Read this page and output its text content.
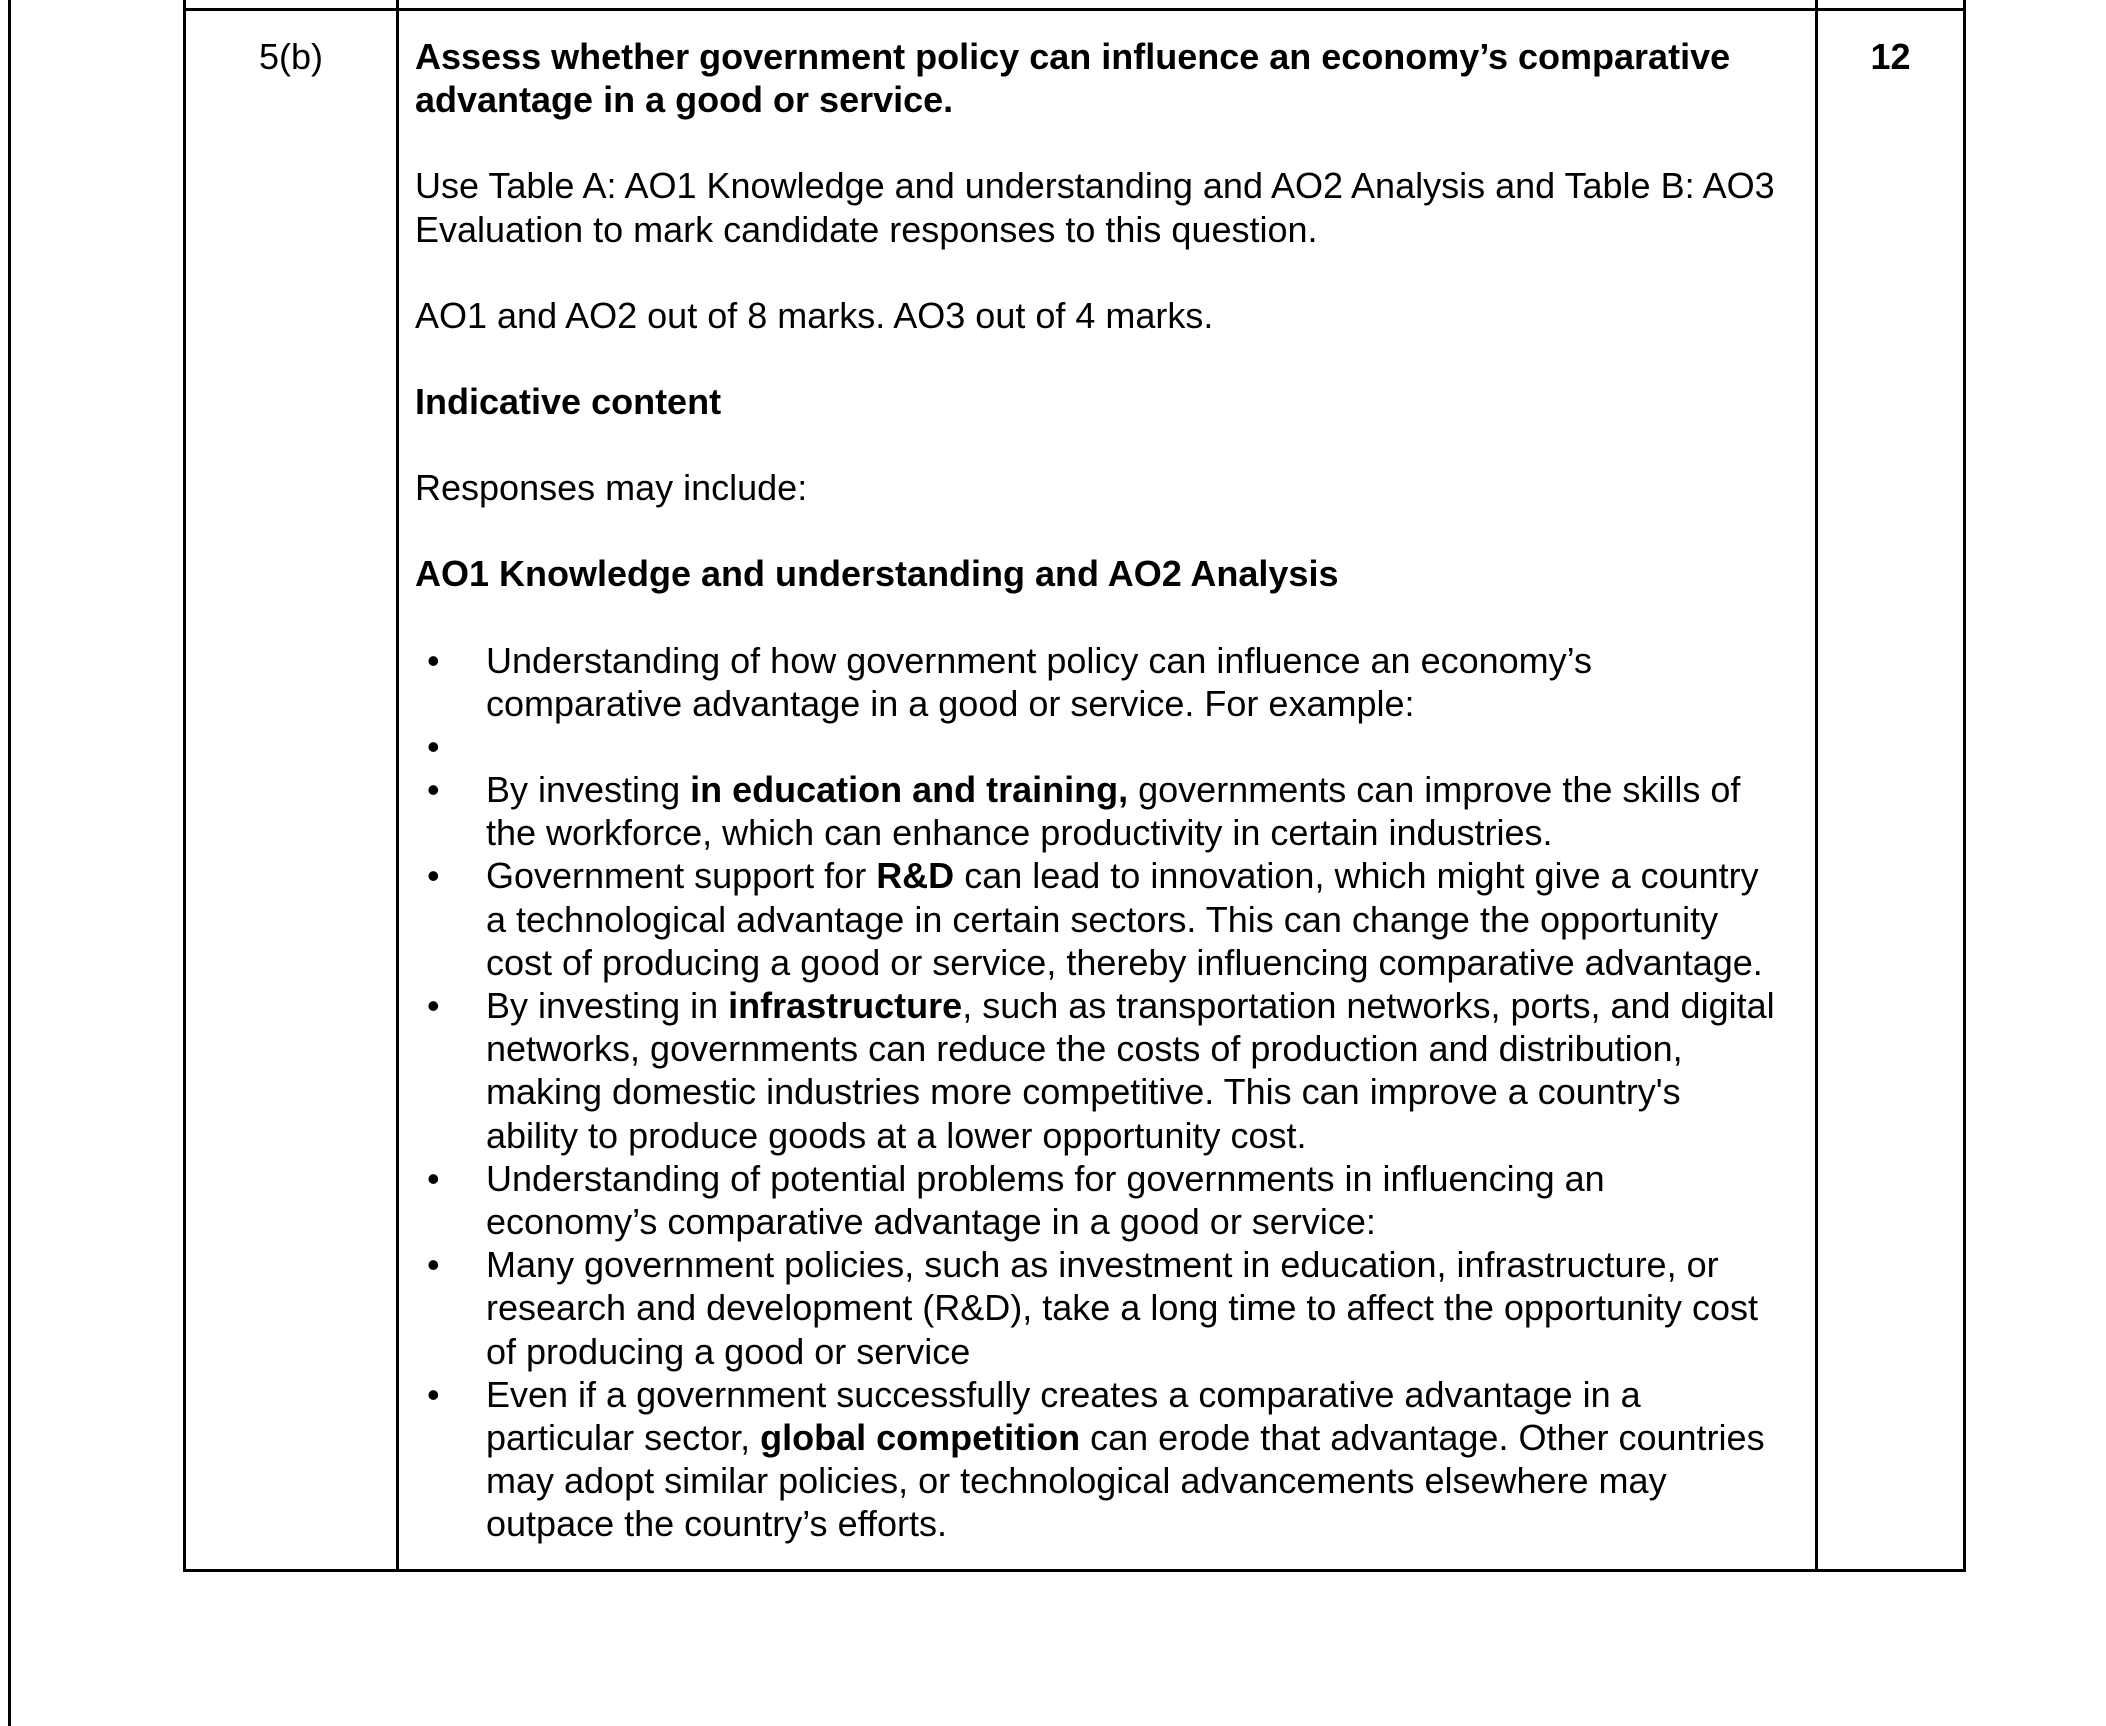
5(b)	Assess whether government policy can influence an economy’s comparative advantage in a good or service.

Use Table A: AO1 Knowledge and understanding and AO2 Analysis and Table B: AO3 Evaluation to mark candidate responses to this question.

AO1 and AO2 out of 8 marks. AO3 out of 4 marks.

Indicative content

Responses may include:

AO1 Knowledge and understanding and AO2 Analysis

•	Understanding of how government policy can influence an economy’s comparative advantage in a good or service. For example:
•
•	By investing in education and training, governments can improve the skills of the workforce, which can enhance productivity in certain industries.
•	Government support for R&D can lead to innovation, which might give a country a technological advantage in certain sectors. This can change the opportunity cost of producing a good or service, thereby influencing comparative advantage.
•	By investing in infrastructure, such as transportation networks, ports, and digital networks, governments can reduce the costs of production and distribution, making domestic industries more competitive. This can improve a country's ability to produce goods at a lower opportunity cost.
•	Understanding of potential problems for governments in influencing an economy’s comparative advantage in a good or service:
•	Many government policies, such as investment in education, infrastructure, or research and development (R&D), take a long time to affect the opportunity cost of producing a good or service
•	Even if a government successfully creates a comparative advantage in a particular sector, global competition can erode that advantage. Other countries may adopt similar policies, or technological advancements elsewhere may outpace the country’s efforts.

12
